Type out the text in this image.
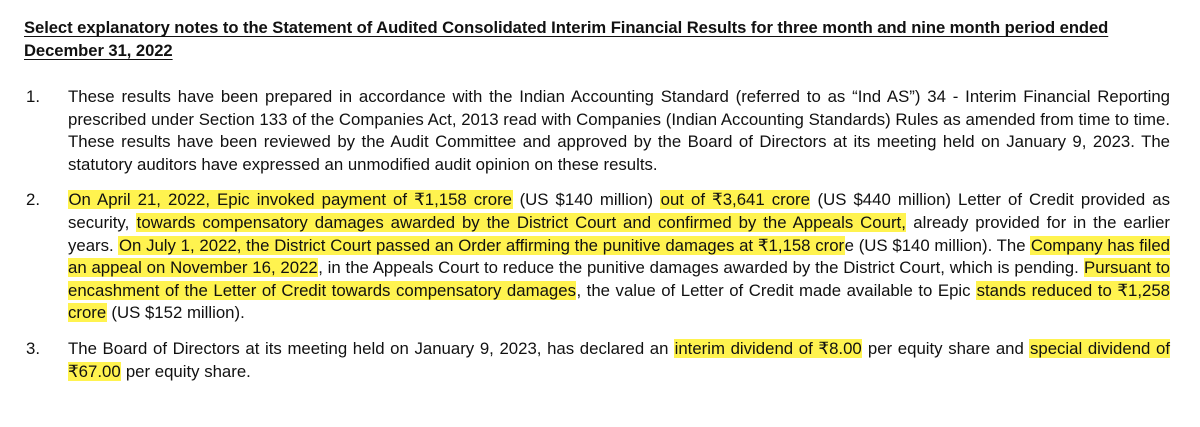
Select explanatory notes to the Statement of Audited Consolidated Interim Financial Results for three month and nine month period ended December 31, 2022
1.	These results have been prepared in accordance with the Indian Accounting Standard (referred to as “Ind AS”) 34 - Interim Financial Reporting prescribed under Section 133 of the Companies Act, 2013 read with Companies (Indian Accounting Standards) Rules as amended from time to time. These results have been reviewed by the Audit Committee and approved by the Board of Directors at its meeting held on January 9, 2023. The statutory auditors have expressed an unmodified audit opinion on these results.
2.	On April 21, 2022, Epic invoked payment of ₹1,158 crore (US $140 million) out of ₹3,641 crore (US $440 million) Letter of Credit provided as security, towards compensatory damages awarded by the District Court and confirmed by the Appeals Court, already provided for in the earlier years. On July 1, 2022, the District Court passed an Order affirming the punitive damages at ₹1,158 crore (US $140 million). The Company has filed an appeal on November 16, 2022, in the Appeals Court to reduce the punitive damages awarded by the District Court, which is pending. Pursuant to encashment of the Letter of Credit towards compensatory damages, the value of Letter of Credit made available to Epic stands reduced to ₹1,258 crore (US $152 million).
3.	The Board of Directors at its meeting held on January 9, 2023, has declared an interim dividend of ₹8.00 per equity share and special dividend of ₹67.00 per equity share.
